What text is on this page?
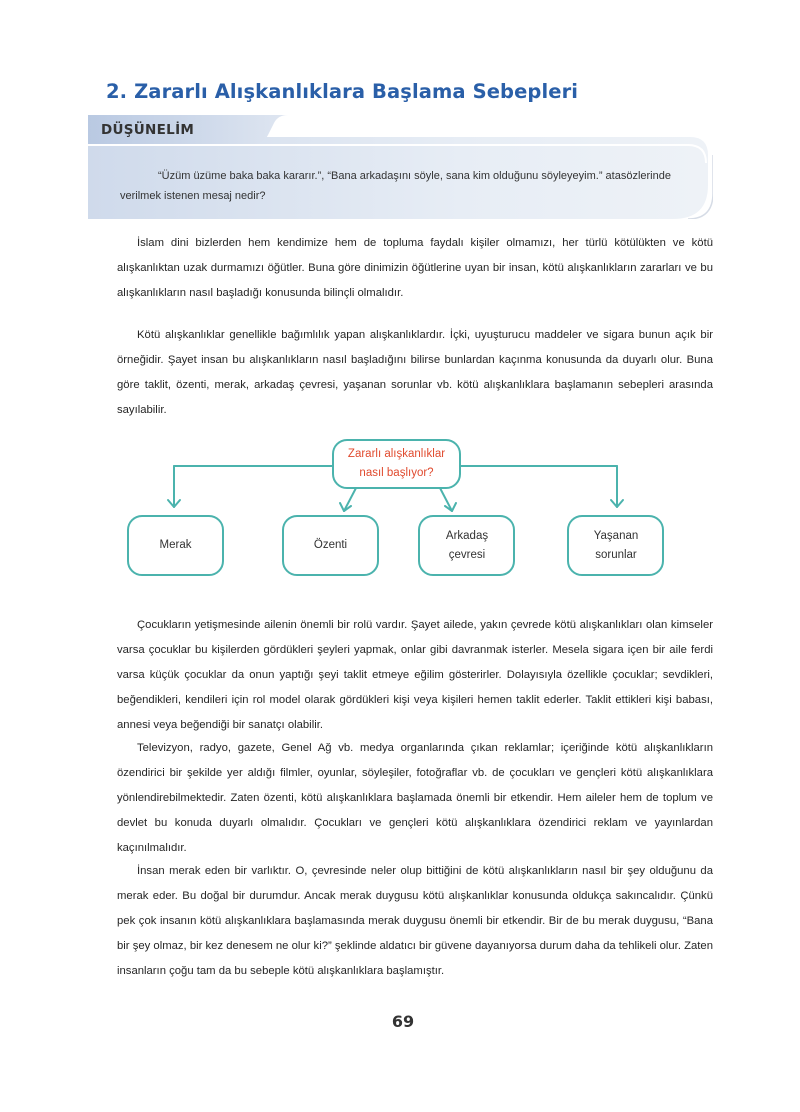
2. Zararlı Alışkanlıklara Başlama Sebepleri
DÜŞÜNELİM
“Üzüm üzüme baka baka kararır.”, “Bana arkadaşını söyle, sana kim olduğunu söyleyeyim.” atasözlerinde verilmek istenen mesaj nedir?
İslam dini bizlerden hem kendimize hem de topluma faydalı kişiler olmamızı, her türlü kötülükten ve kötü alışkanlıktan uzak durmamızı öğütler. Buna göre dinimizin öğütlerine uyan bir insan, kötü alışkanlıkların zararları ve bu alışkanlıkların nasıl başladığı konusunda bilinçli olmalıdır.
Kötü alışkanlıklar genellikle bağımlılık yapan alışkanlıklardır. İçki, uyuşturucu maddeler ve sigara bunun açık bir örneğidir. Şayet insan bu alışkanlıkların nasıl başladığını bilirse bunlardan kaçınma konusunda da duyarlı olur. Buna göre taklit, özenti, merak, arkadaş çevresi, yaşanan sorunlar vb. kötü alışkanlıklara başlamanın sebepleri arasında sayılabilir.
Zararlı alışkanlıklar nasıl başlıyor?
Merak	Özenti
Arkadaş çevresi
Yaşanan sorunlar
Çocukların yetişmesinde ailenin önemli bir rolü vardır. Şayet ailede, yakın çevrede kötü alışkanlıkları olan kimseler varsa çocuklar bu kişilerden gördükleri şeyleri yapmak, onlar gibi davranmak isterler. Mesela sigara içen bir aile ferdi varsa küçük çocuklar da onun yaptığı şeyi taklit etmeye eğilim gösterirler. Dolayısıyla özellikle çocuklar; sevdikleri, beğendikleri, kendileri için rol model olarak gördükleri kişi veya kişileri hemen taklit ederler. Taklit ettikleri kişi babası, annesi veya beğendiği bir sanatçı olabilir.
Televizyon, radyo, gazete, Genel Ağ vb. medya organlarında çıkan reklamlar; içeriğinde kötü alışkanlıkların özendirici bir şekilde yer aldığı filmler, oyunlar, söyleşiler, fotoğraflar vb. de çocukları ve gençleri kötü alışkanlıklara yönlendirebilmektedir. Zaten özenti, kötü alışkanlıklara başlamada önemli bir etkendir. Hem aileler hem de toplum ve devlet bu konuda duyarlı olmalıdır. Çocukları ve gençleri kötü alışkanlıklara özendirici reklam ve yayınlardan kaçınılmalıdır.
İnsan merak eden bir varlıktır. O, çevresinde neler olup bittiğini de kötü alışkanlıkların nasıl bir şey olduğunu da merak eder. Bu doğal bir durumdur. Ancak merak duygusu kötü alışkanlıklar konusunda oldukça sakıncalıdır. Çünkü pek çok insanın kötü alışkanlıklara başlamasında merak duygusu önemli bir etkendir. Bir de bu merak duygusu, “Bana bir şey olmaz, bir kez denesem ne olur ki?” şeklinde aldatıcı bir güvene dayanıyorsa durum daha da tehlikeli olur. Zaten insanların çoğu tam da bu sebeple kötü alışkanlıklara başlamıştır.
69
